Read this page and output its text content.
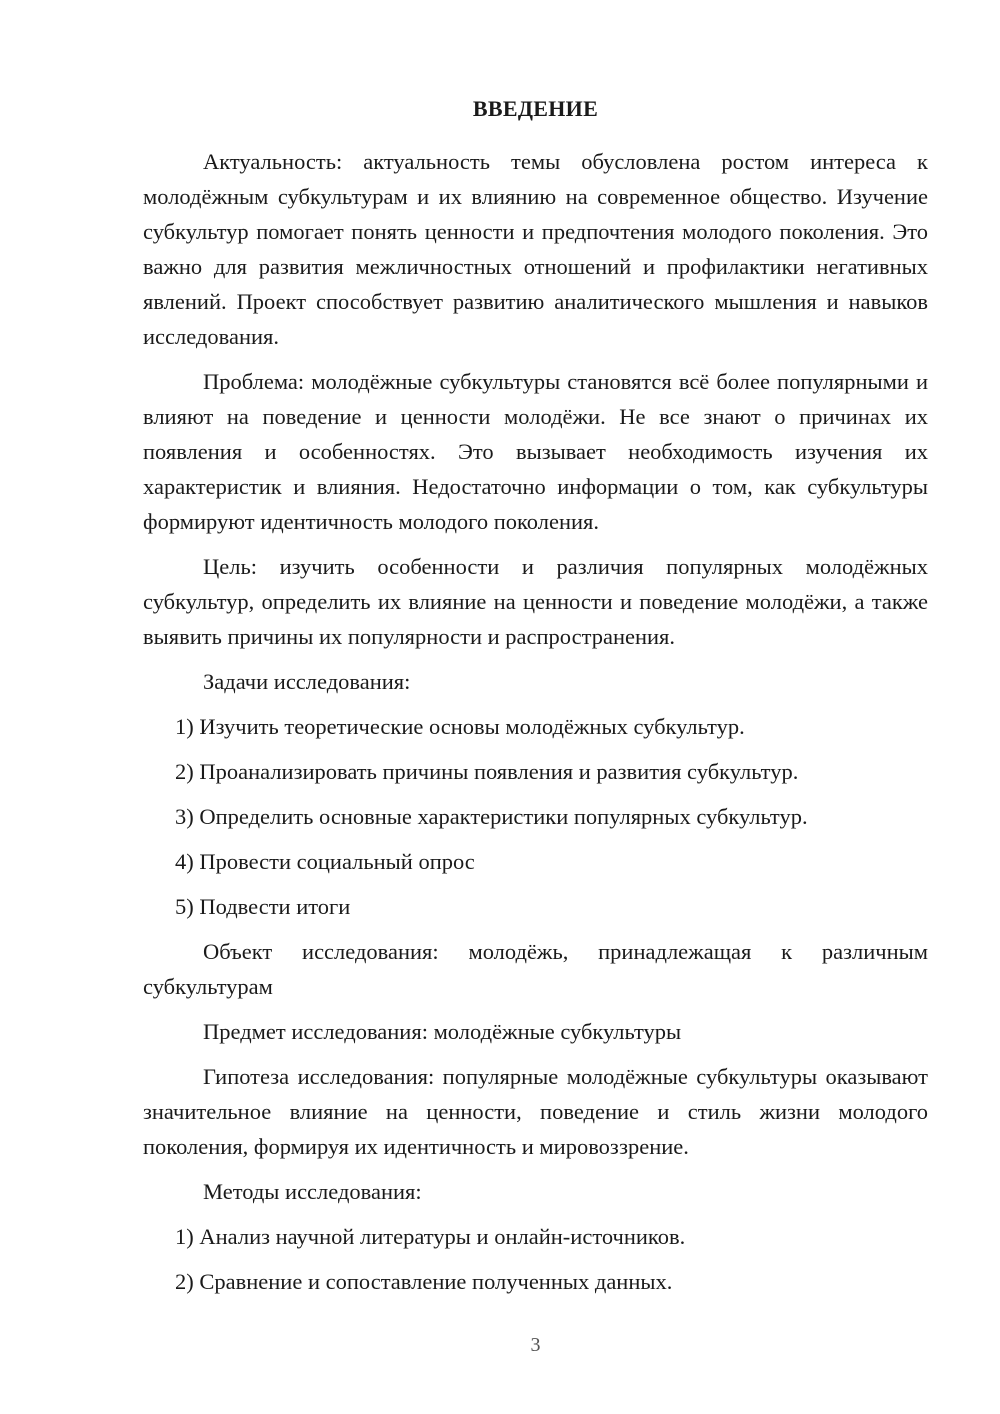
ВВЕДЕНИЕ

Актуальность: актуальность темы обусловлена ростом интереса к молодёжным субкультурам и их влиянию на современное общество. Изучение субкультур помогает понять ценности и предпочтения молодого поколения. Это важно для развития межличностных отношений и профилактики негативных явлений. Проект способствует развитию аналитического мышления и навыков исследования.

Проблема: молодёжные субкультуры становятся всё более популярными и влияют на поведение и ценности молодёжи. Не все знают о причинах их появления и особенностях. Это вызывает необходимость изучения их характеристик и влияния. Недостаточно информации о том, как субкультуры формируют идентичность молодого поколения.

Цель: изучить особенности и различия популярных молодёжных субкультур, определить их влияние на ценности и поведение молодёжи, а также выявить причины их популярности и распространения.

Задачи исследования:

1) Изучить теоретические основы молодёжных субкультур.

2) Проанализировать причины появления и развития субкультур.

3) Определить основные характеристики популярных субкультур.

4) Провести социальный опрос

5) Подвести итоги

Объект исследования: молодёжь, принадлежащая к различным субкультурам

Предмет исследования: молодёжные субкультуры

Гипотеза исследования: популярные молодёжные субкультуры оказывают значительное влияние на ценности, поведение и стиль жизни молодого поколения, формируя их идентичность и мировоззрение.

Методы исследования:

1) Анализ научной литературы и онлайн-источников.

2) Сравнение и сопоставление полученных данных.

3
